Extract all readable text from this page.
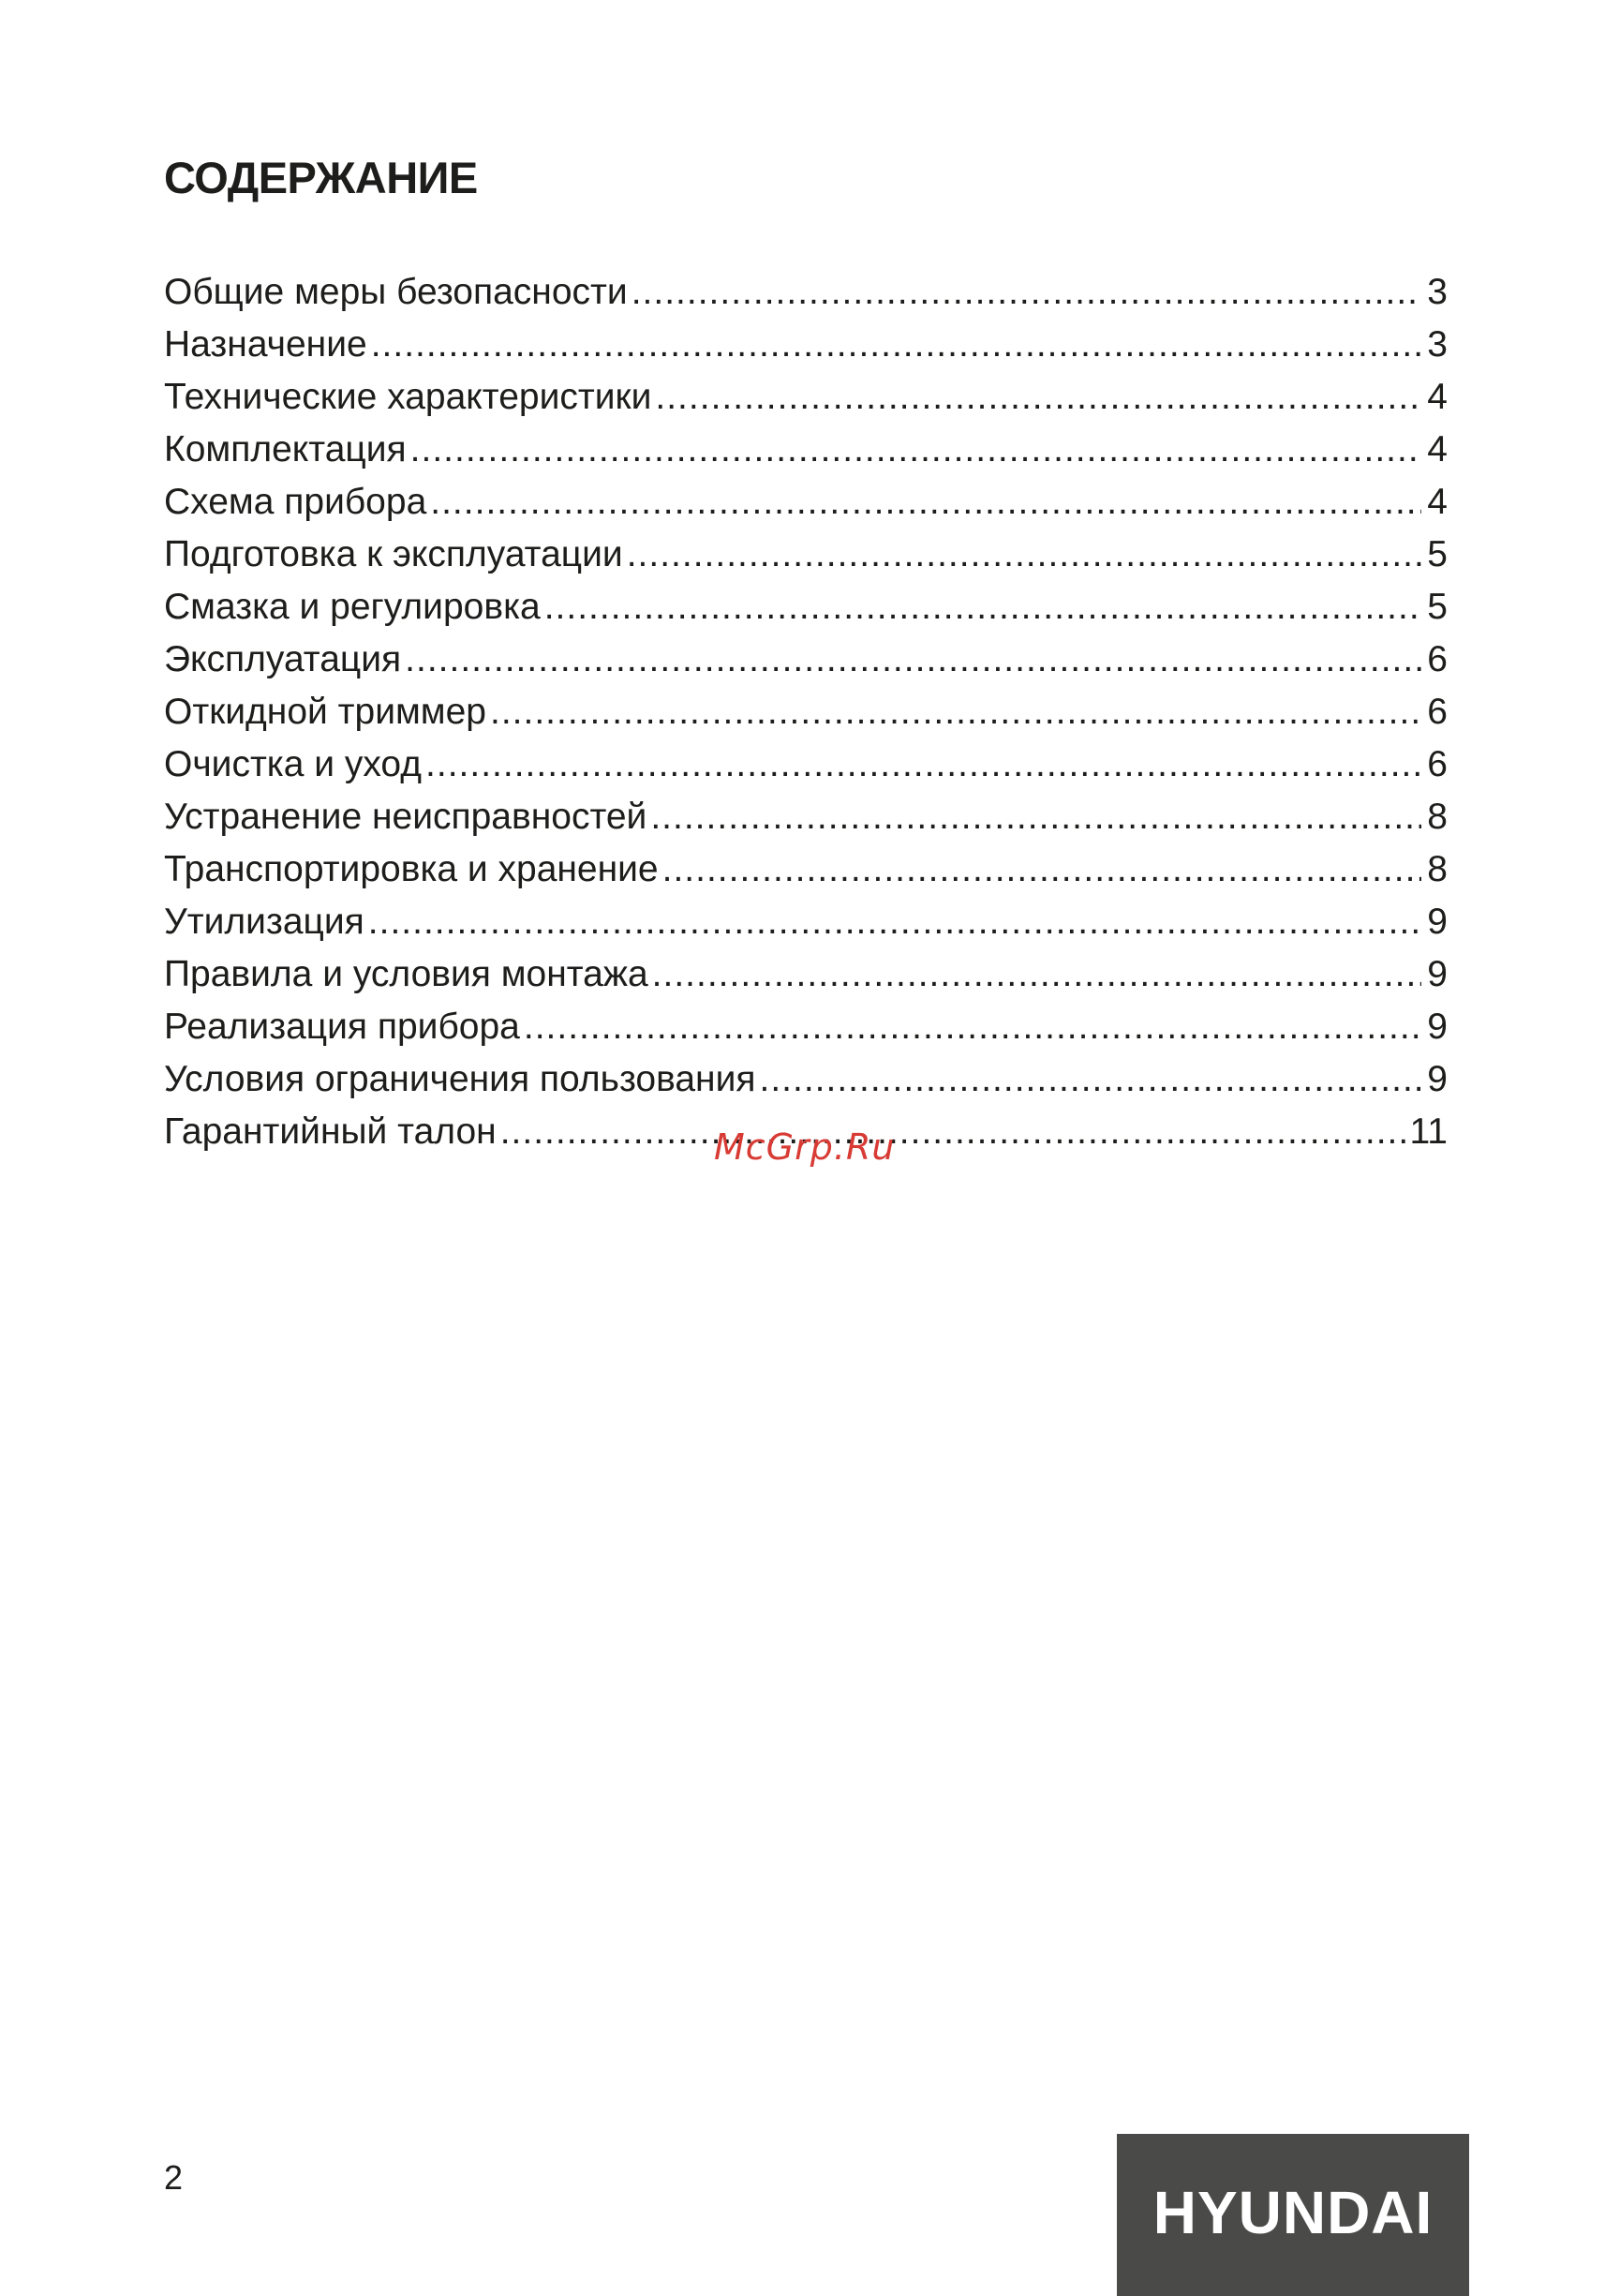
СОДЕРЖАНИЕ
Общие меры безопасности .....	3
Назначение .....	3
Технические характеристики .....	4
Комплектация .....	4
Схема прибора .....	4
Подготовка к эксплуатации .....	5
Смазка и регулировка .....	5
Эксплуатация .....	6
Откидной триммер .....	6
Очистка и уход .....	6
Устранение неисправностей .....	8
Транспортировка и хранение .....	8
Утилизация .....	9
Правила и условия монтажа .....	9
Реализация прибора .....	9
Условия ограничения пользования .....	9
Гарантийный талон .....	11
McGrp.Ru
2
HYUNDAI
